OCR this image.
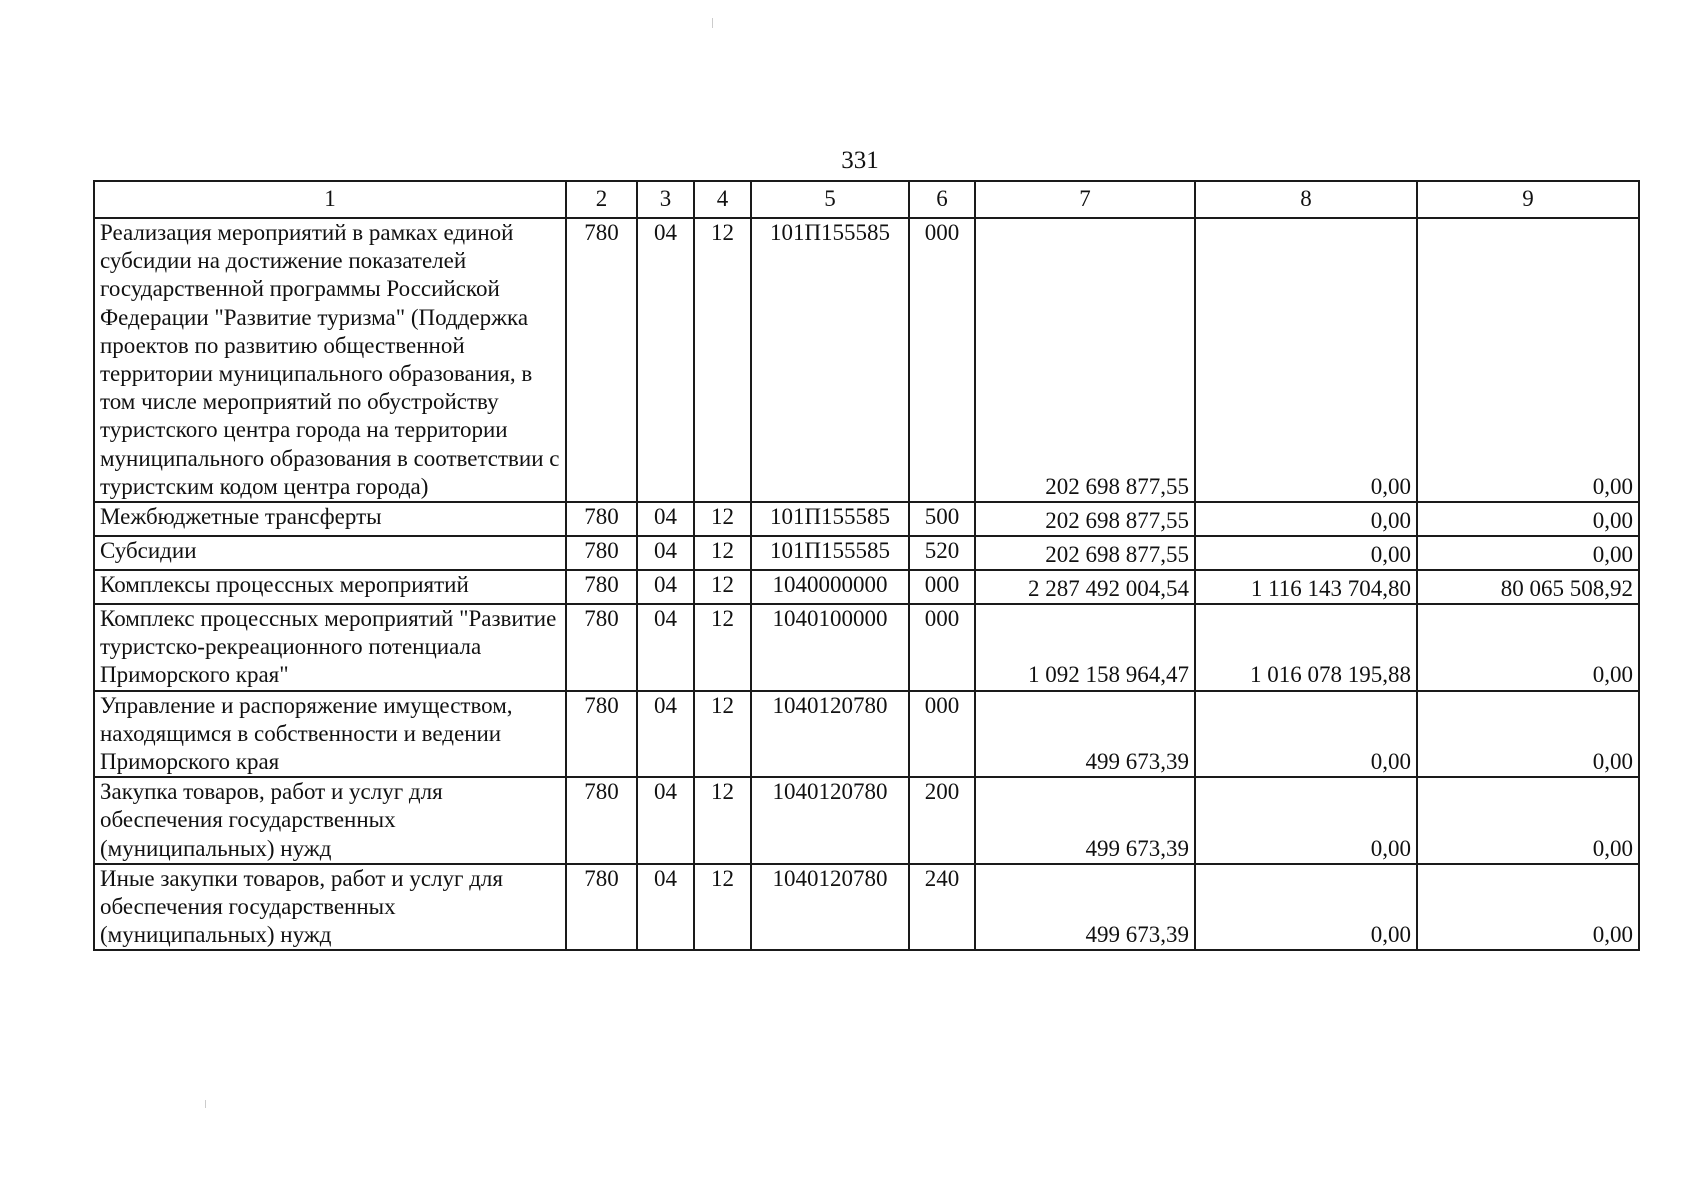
331
1	2	3	4	5	6	7	8	9
Реализация мероприятий в рамках единой субсидии на достижение показателей государственной программы Российской Федерации "Развитие туризма" (Поддержка проектов по развитию общественной территории муниципального образования, в том числе мероприятий по обустройству туристского центра города на территории муниципального образования в соответствии с туристским кодом центра города)	780	04	12	101П155585	000	202 698 877,55	0,00	0,00
Межбюджетные трансферты	780	04	12	101П155585	500	202 698 877,55	0,00	0,00
Субсидии	780	04	12	101П155585	520	202 698 877,55	0,00	0,00
Комплексы процессных мероприятий	780	04	12	1040000000	000	2 287 492 004,54	1 116 143 704,80	80 065 508,92
Комплекс процессных мероприятий "Развитие туристско-рекреационного потенциала Приморского края"	780	04	12	1040100000	000	1 092 158 964,47	1 016 078 195,88	0,00
Управление и распоряжение имуществом, находящимся в собственности и ведении Приморского края	780	04	12	1040120780	000	499 673,39	0,00	0,00
Закупка товаров, работ и услуг для обеспечения государственных (муниципальных) нужд	780	04	12	1040120780	200	499 673,39	0,00	0,00
Иные закупки товаров, работ и услуг для обеспечения государственных (муниципальных) нужд	780	04	12	1040120780	240	499 673,39	0,00	0,00
